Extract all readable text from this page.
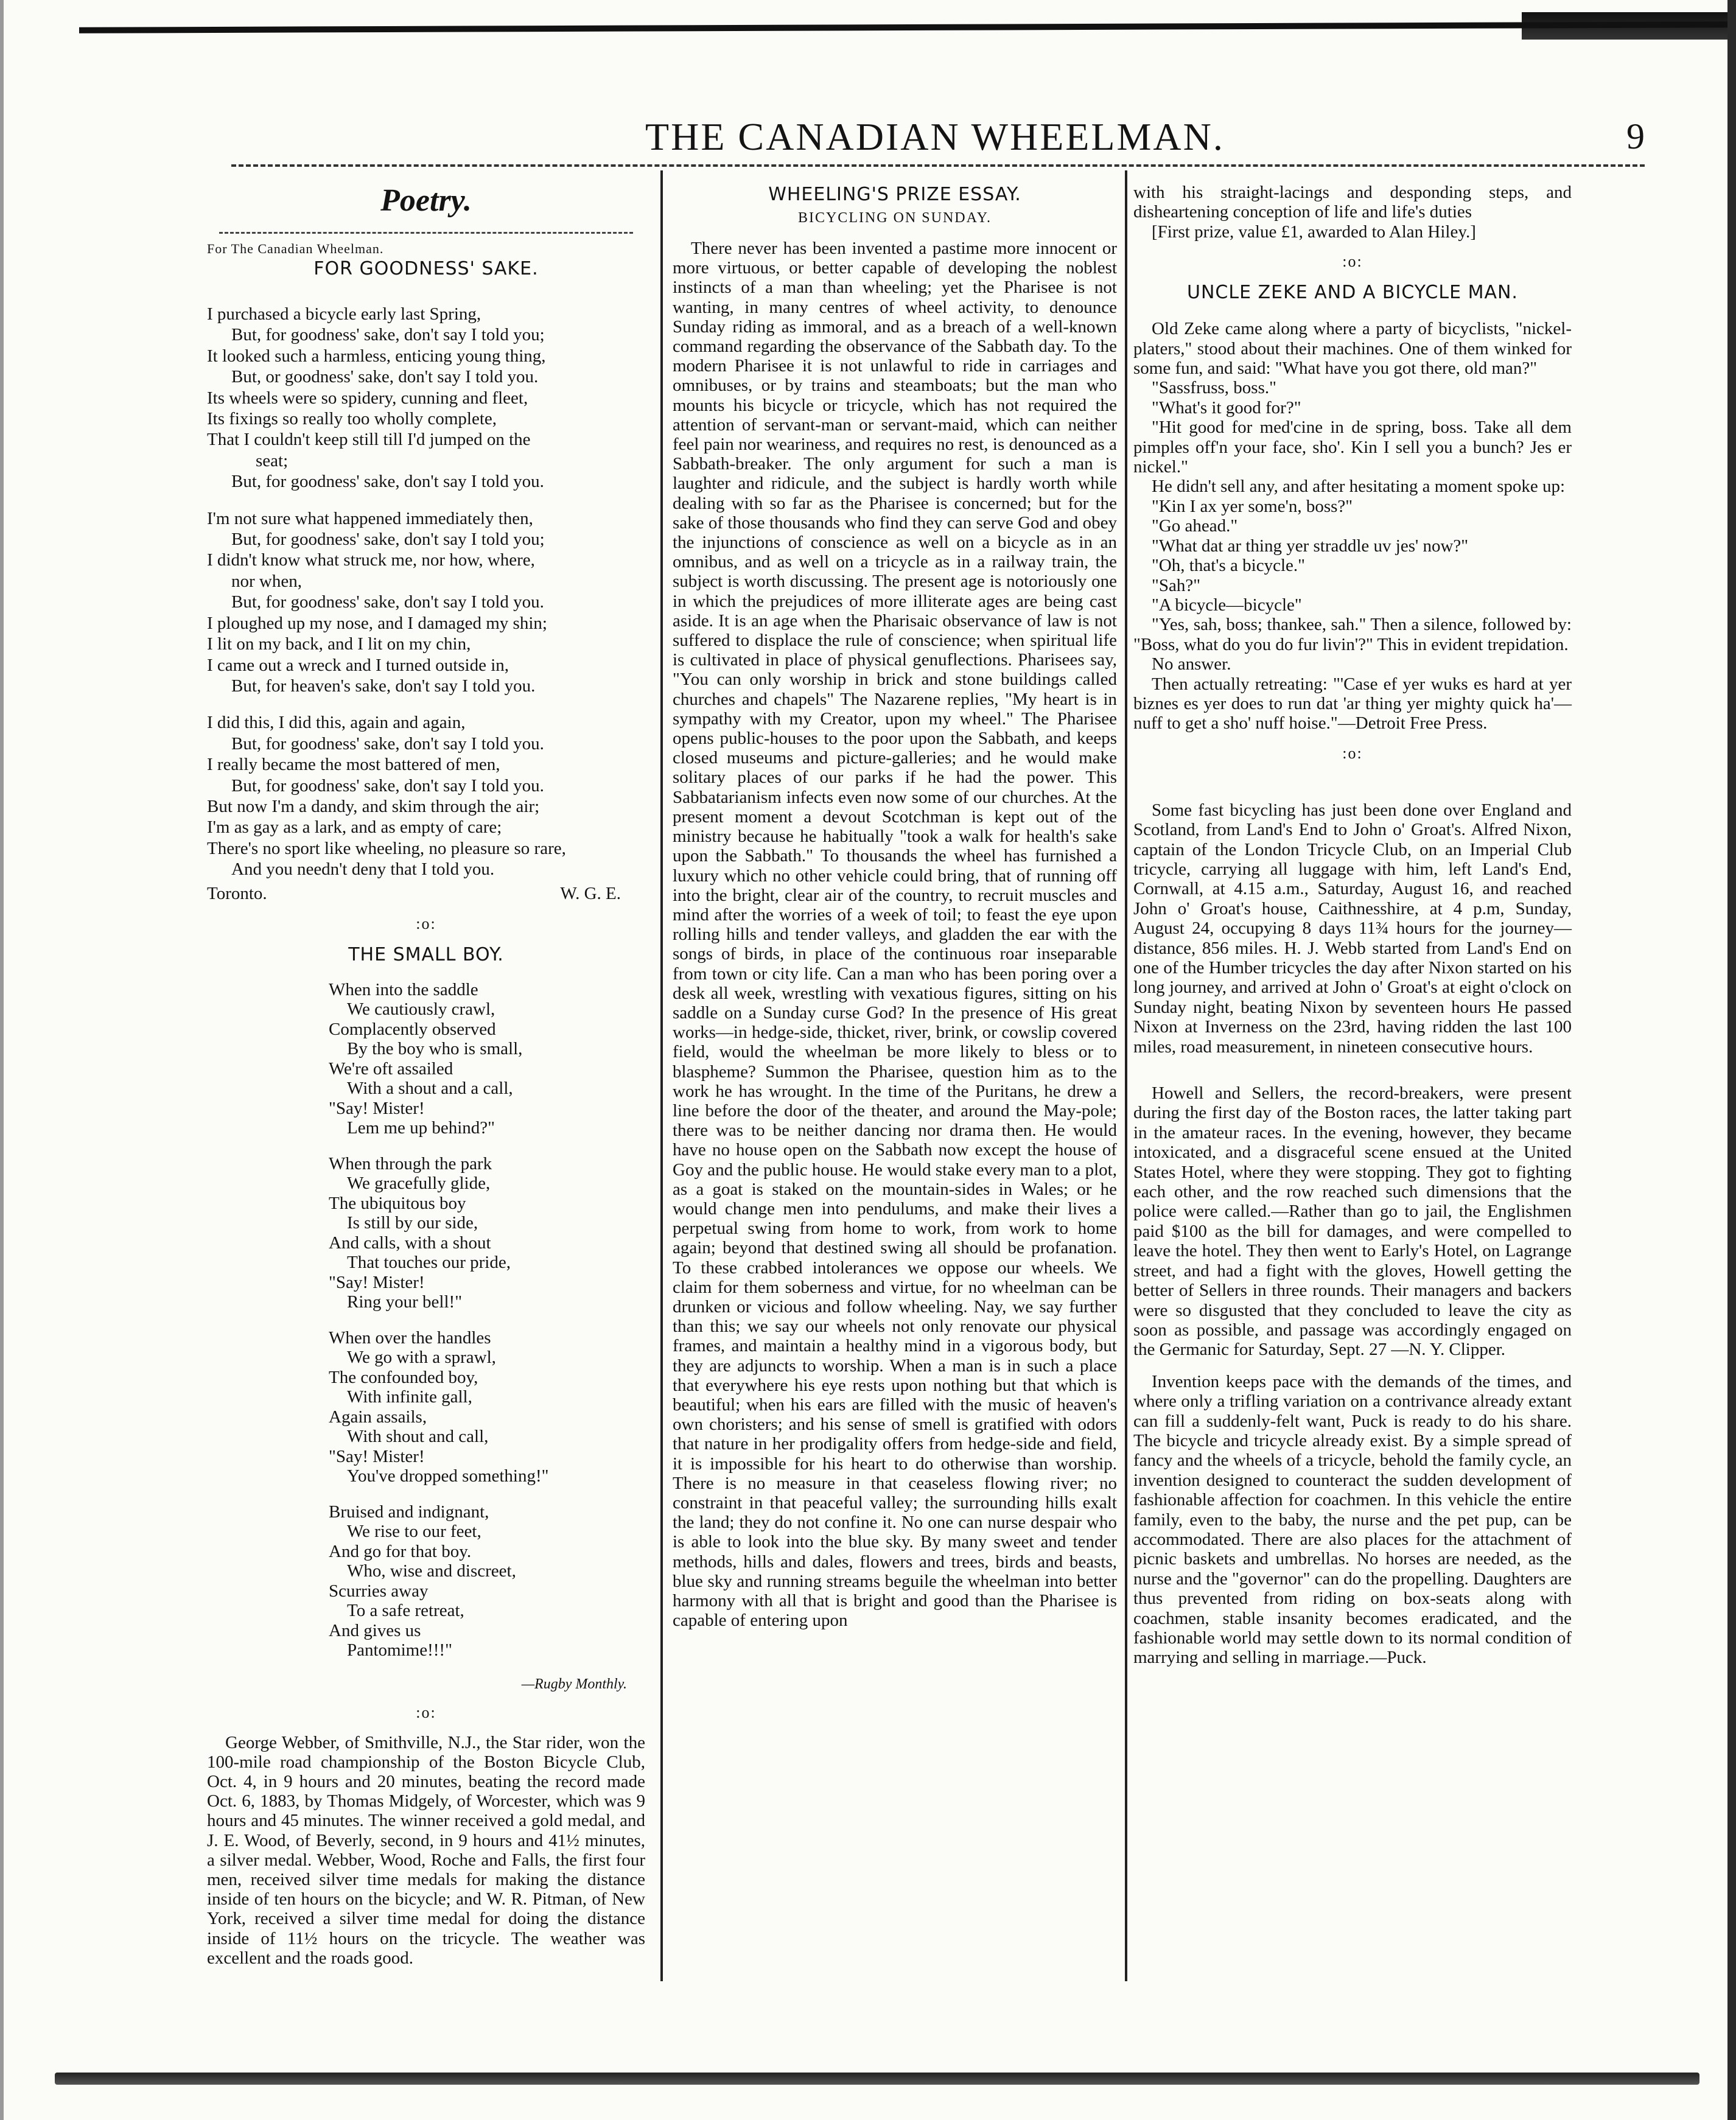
THE CANADIAN WHEELMAN.	9
Poetry.
For The Canadian Wheelman.
FOR GOODNESS' SAKE.
I purchased a bicycle early last Spring,
But, for goodness' sake, don't say I told you;
It looked such a harmless, enticing young thing,
But, or goodness' sake, don't say I told you.
Its wheels were so spidery, cunning and fleet,
Its fixings so really too wholly complete,
That I couldn't keep still till I'd jumped on the
seat;
But, for goodness' sake, don't say I told you.
I'm not sure what happened immediately then,
But, for goodness' sake, don't say I told you;
I didn't know what struck me, nor how, where,
nor when,
But, for goodness' sake, don't say I told you.
I ploughed up my nose, and I damaged my shin;
I lit on my back, and I lit on my chin,
I came out a wreck and I turned outside in,
But, for heaven's sake, don't say I told you.
I did this, I did this, again and again,
But, for goodness' sake, don't say I told you.
I really became the most battered of men,
But, for goodness' sake, don't say I told you.
But now I'm a dandy, and skim through the air;
I'm as gay as a lark, and as empty of care;
There's no sport like wheeling, no pleasure so rare,
And you needn't deny that I told you.
Toronto.	W. G. E.
:o:
THE SMALL BOY.
When into the saddle
We cautiously crawl,
Complacently observed
By the boy who is small,
We're oft assailed
With a shout and a call,
"Say! Mister!
Lem me up behind?"
When through the park
We gracefully glide,
The ubiquitous boy
Is still by our side,
And calls, with a shout
That touches our pride,
"Say! Mister!
Ring your bell!"
When over the handles
We go with a sprawl,
The confounded boy,
With infinite gall,
Again assails,
With shout and call,
"Say! Mister!
You've dropped something!"
Bruised and indignant,
We rise to our feet,
And go for that boy.
Who, wise and discreet,
Scurries away
To a safe retreat,
And gives us
Pantomime!!!"
—Rugby Monthly.
:o:
George Webber, of Smithville, N.J., the Star rider, won the 100-mile road championship of the Boston Bicycle Club, Oct. 4, in 9 hours and 20 minutes, beating the record made Oct. 6, 1883, by Thomas Midgely, of Worcester, which was 9 hours and 45 minutes. The winner received a gold medal, and J. E. Wood, of Beverly, second, in 9 hours and 41½ minutes, a silver medal. Webber, Wood, Roche and Falls, the first four men, received silver time medals for making the distance inside of ten hours on the bicycle; and W. R. Pitman, of New York, received a silver time medal for doing the distance inside of 11½ hours on the tricycle. The weather was excellent and the roads good.
WHEELING'S PRIZE ESSAY.
BICYCLING ON SUNDAY.
There never has been invented a pastime more innocent or more virtuous, or better capable of developing the noblest instincts of a man than wheeling; yet the Pharisee is not wanting, in many centres of wheel activity, to denounce Sunday riding as immoral, and as a breach of a well-known command regarding the observance of the Sabbath day. To the modern Pharisee it is not unlawful to ride in carriages and omnibuses, or by trains and steamboats; but the man who mounts his bicycle or tricycle, which has not required the attention of servant-man or servant-maid, which can neither feel pain nor weariness, and requires no rest, is denounced as a Sabbath-breaker. The only argument for such a man is laughter and ridicule, and the subject is hardly worth while dealing with so far as the Pharisee is concerned; but for the sake of those thousands who find they can serve God and obey the injunctions of conscience as well on a bicycle as in an omnibus, and as well on a tricycle as in a railway train, the subject is worth discussing. The present age is notoriously one in which the prejudices of more illiterate ages are being cast aside. It is an age when the Pharisaic observance of law is not suffered to displace the rule of conscience; when spiritual life is cultivated in place of physical genuflections. Pharisees say, "You can only worship in brick and stone buildings called churches and chapels" The Nazarene replies, "My heart is in sympathy with my Creator, upon my wheel." The Pharisee opens public-houses to the poor upon the Sabbath, and keeps closed museums and picture-galleries; and he would make solitary places of our parks if he had the power. This Sabbatarianism infects even now some of our churches. At the present moment a devout Scotchman is kept out of the ministry because he habitually "took a walk for health's sake upon the Sabbath." To thousands the wheel has furnished a luxury which no other vehicle could bring, that of running off into the bright, clear air of the country, to recruit muscles and mind after the worries of a week of toil; to feast the eye upon rolling hills and tender valleys, and gladden the ear with the songs of birds, in place of the continuous roar inseparable from town or city life. Can a man who has been poring over a desk all week, wrestling with vexatious figures, sitting on his saddle on a Sunday curse God? In the presence of His great works—in hedge-side, thicket, river, brink, or cowslip covered field, would the wheelman be more likely to bless or to blaspheme? Summon the Pharisee, question him as to the work he has wrought. In the time of the Puritans, he drew a line before the door of the theater, and around the May-pole; there was to be neither dancing nor drama then. He would have no house open on the Sabbath now except the house of Goy and the public house. He would stake every man to a plot, as a goat is staked on the mountain-sides in Wales; or he would change men into pendulums, and make their lives a perpetual swing from home to work, from work to home again; beyond that destined swing all should be profanation. To these crabbed intolerances we oppose our wheels. We claim for them soberness and virtue, for no wheelman can be drunken or vicious and follow wheeling. Nay, we say further than this; we say our wheels not only renovate our physical frames, and maintain a healthy mind in a vigorous body, but they are adjuncts to worship. When a man is in such a place that everywhere his eye rests upon nothing but that which is beautiful; when his ears are filled with the music of heaven's own choristers; and his sense of smell is gratified with odors that nature in her prodigality offers from hedge-side and field, it is impossible for his heart to do otherwise than worship. There is no measure in that ceaseless flowing river; no constraint in that peaceful valley; the surrounding hills exalt the land; they do not confine it. No one can nurse despair who is able to look into the blue sky. By many sweet and tender methods, hills and dales, flowers and trees, birds and beasts, blue sky and running streams beguile the wheelman into better harmony with all that is bright and good than the Pharisee is capable of entering upon
with his straight-lacings and desponding steps, and disheartening conception of life and life's duties
[First prize, value £1, awarded to Alan Hiley.]
:o:
UNCLE ZEKE AND A BICYCLE MAN.
Old Zeke came along where a party of bicyclists, "nickel-platers," stood about their machines. One of them winked for some fun, and said: "What have you got there, old man?"
"Sassfruss, boss."
"What's it good for?"
"Hit good for med'cine in de spring, boss. Take all dem pimples off'n your face, sho'. Kin I sell you a bunch? Jes er nickel."
He didn't sell any, and after hesitating a moment spoke up:
"Kin I ax yer some'n, boss?"
"Go ahead."
"What dat ar thing yer straddle uv jes' now?"
"Oh, that's a bicycle."
"Sah?"
"A bicycle—bicycle"
"Yes, sah, boss; thankee, sah." Then a silence, followed by: "Boss, what do you do fur livin'?" This in evident trepidation.
No answer.
Then actually retreating: "'Case ef yer wuks es hard at yer biznes es yer does to run dat 'ar thing yer mighty quick ha'—nuff to get a sho' nuff hoise."—Detroit Free Press.
:o:
Some fast bicycling has just been done over England and Scotland, from Land's End to John o' Groat's. Alfred Nixon, captain of the London Tricycle Club, on an Imperial Club tricycle, carrying all luggage with him, left Land's End, Cornwall, at 4.15 a.m., Saturday, August 16, and reached John o' Groat's house, Caithnesshire, at 4 p.m, Sunday, August 24, occupying 8 days 11¾ hours for the journey—distance, 856 miles. H. J. Webb started from Land's End on one of the Humber tricycles the day after Nixon started on his long journey, and arrived at John o' Groat's at eight o'clock on Sunday night, beating Nixon by seventeen hours He passed Nixon at Inverness on the 23rd, having ridden the last 100 miles, road measurement, in nineteen consecutive hours.
Howell and Sellers, the record-breakers, were present during the first day of the Boston races, the latter taking part in the amateur races. In the evening, however, they became intoxicated, and a disgraceful scene ensued at the United States Hotel, where they were stopping. They got to fighting each other, and the row reached such dimensions that the police were called.—Rather than go to jail, the Englishmen paid $100 as the bill for damages, and were compelled to leave the hotel. They then went to Early's Hotel, on Lagrange street, and had a fight with the gloves, Howell getting the better of Sellers in three rounds. Their managers and backers were so disgusted that they concluded to leave the city as soon as possible, and passage was accordingly engaged on the Germanic for Saturday, Sept. 27 —N. Y. Clipper.
Invention keeps pace with the demands of the times, and where only a trifling variation on a contrivance already extant can fill a suddenly-felt want, Puck is ready to do his share. The bicycle and tricycle already exist. By a simple spread of fancy and the wheels of a tricycle, behold the family cycle, an invention designed to counteract the sudden development of fashionable affection for coachmen. In this vehicle the entire family, even to the baby, the nurse and the pet pup, can be accommodated. There are also places for the attachment of picnic baskets and umbrellas. No horses are needed, as the nurse and the "governor" can do the propelling. Daughters are thus prevented from riding on box-seats along with coachmen, stable insanity becomes eradicated, and the fashionable world may settle down to its normal condition of marrying and selling in marriage.—Puck.
